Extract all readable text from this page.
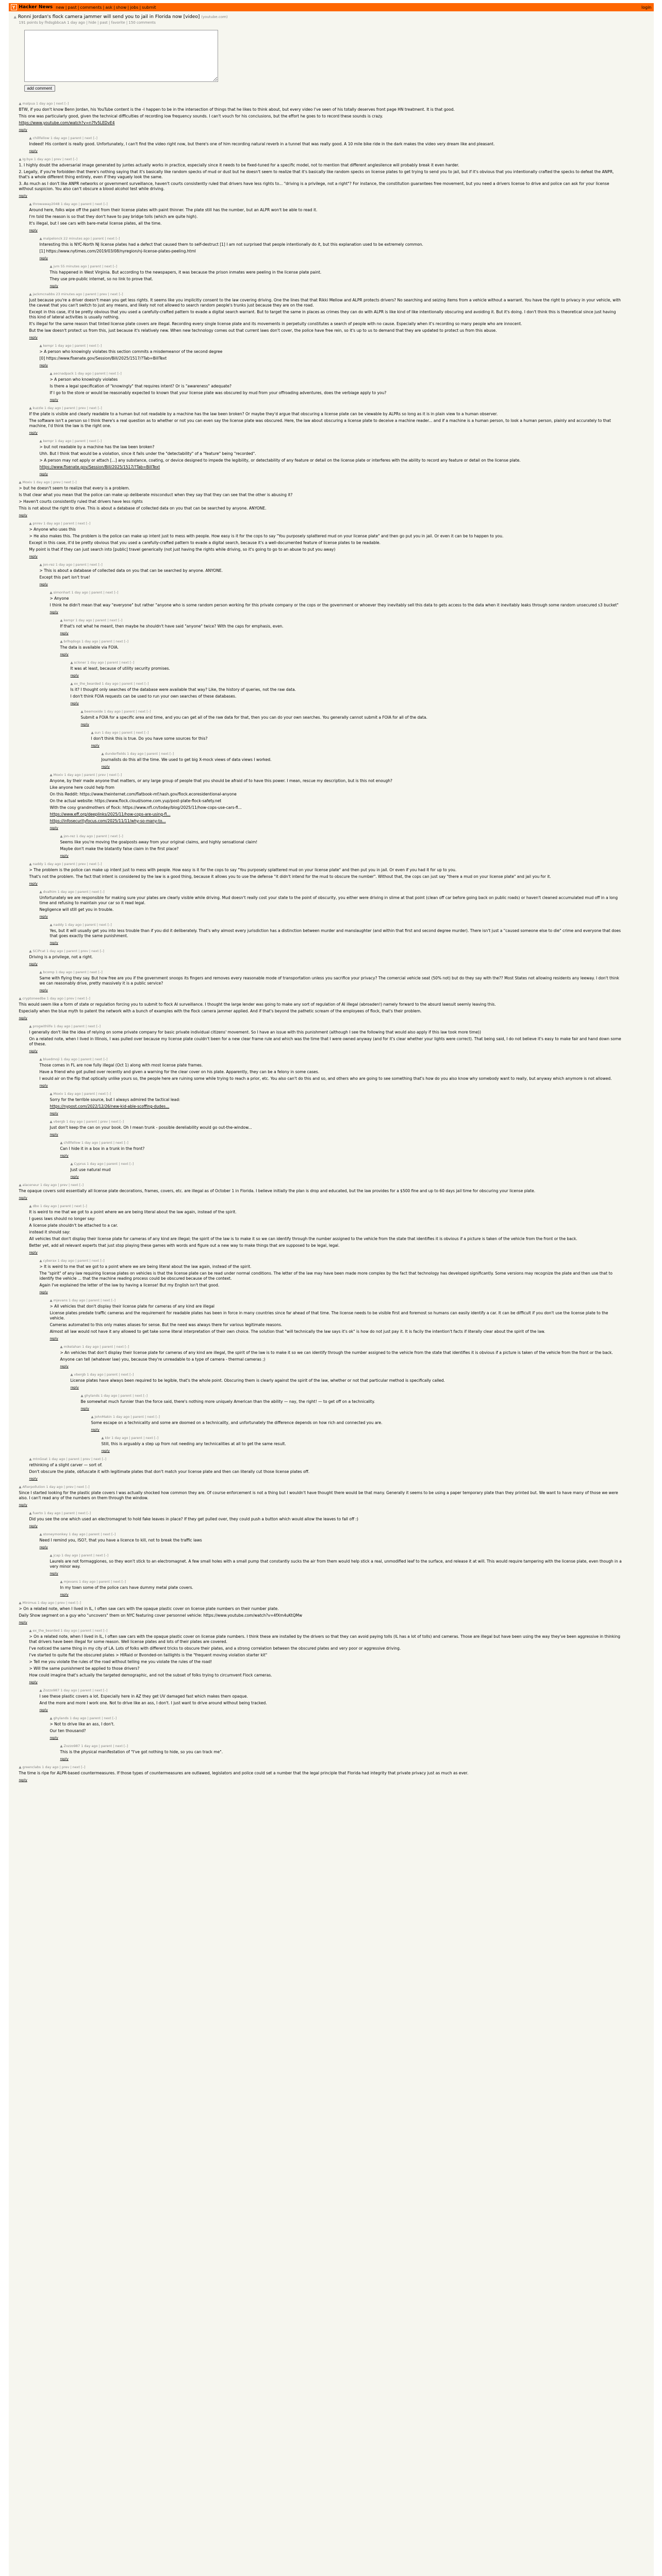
Y Hacker News new | past | comments | ask | show | jobs | submit	login
▲ Ronni Jordan's flock camera jammer will send you to jail in Florida now [video] (youtube.com)
191 points by fhdsgbbcaA 1 day ago | hide | past | favorite | 150 comments
add comment
▲ malpua 1 day ago | next [–]

BTW, if you don't know Benn Jordan, his YouTube content is the -I happen to be in the intersection of things that he likes to think about, but every video I've seen of his totally deserves front page HN treatment. It is that good.

This one was particularly good, given the technical difficulties of recording low frequency sounds. I can't vouch for his conclusions, but the effort he goes to to record these sounds is crazy.

https://www.youtube.com/watch?v=n7fv5LEDvE4

reply
▲ chillfellow 1 day ago | parent | next [–]

Indeed! His content is really good. Unfortunately, I can't find the video right now, but there's one of him recording natural reverb in a tunnel that was really good. A 10 mile bike ride in the dark makes the video very dream like and pleasant.

reply
▲ Ig:bye 1 day ago | prev | next [–]

1. I highly doubt the adversarial image generated by juntes actually works in practice, especially since it needs to be fixed-tuned for a specific model, not to mention that different anglesilence will probably break it even harder.

2. Legally, if you're forbidden that there's nothing saying that it's basically like random specks of mud or dust but he doesn't seem to realize that it's basically like random specks on license plates to get trying to send you to jail, but if it's obvious that you intentionally crafted the specks to defeat the ANPR, that's a whole different thing entirely, even if they vaguely look the same.

3. As much as I don't like ANPR networks or government surveillance, haven't courts consistently ruled that drivers have less rights to... "driving is a privilege, not a right"? For instance, the constitution guarantees free movement, but you need a drivers license to drive and police can ask for your license without suspicion. You also can't obscure a blood alcohol test while driving.

reply
▲ throwaway2048 1 day ago | parent | next [–]

Around here, folks wipe off the paint from their license plates with paint thinner. The plate still has the number, but an ALPR won't be able to read it.

I'm told the reason is so that they don't have to pay bridge tolls (which are quite high).

It's illegal, but I see cars with bare-metal license plates, all the time.

reply
▲ malpelonck 22 minutes ago | parent | next [–]

Interesting this is NYC-North NJ license plates had a defect that caused them to self-destruct [1] I am not surprised that people intentionally do it, but this explanation used to be extremely common.

[1] https://www.nytimes.com/2019/03/08/nyregion/nj-license-plates-peeling.html

reply
▲ jvm 55 minutes ago | parent | next [–]

This happened in West Virginia. But according to the newspapers, it was because the prison inmates were peeling in the license plate paint.

They use pre-public internet, so no link to prove that.

reply
▲ jackmcnabbs 23 minutes ago | parent | prev | next [–]

Just because you're a driver doesn't mean you get less rights. It seems like you implicitly consent to the law covering driving. One the lines that that Rikki Mellow and ALPR protects drivers? No searching and seizing items from a vehicle without a warrant. You have the right to privacy in your vehicle, with the caveat that you can't switch to just any means, and likely not not allowed to search random people's trunks just because they are on the road.

Except in this case, it'd be pretty obvious that you used a carefully-crafted pattern to evade a digital search warrant. But to target the same in places as crimes they can do with ALPR is like kind of like intentionally obscuring and avoiding it. But it's doing. I don't think this is theoretical since just having this kind of lateral activities is usually nothing.

It's illegal for the same reason that tinted license plate covers are illegal. Recording every single license plate and its movements in perpetuity constitutes a search of people with no cause. Especially when it's recording so many people who are innocent.

But the law doesn't protect us from this, just because it's relatively new. When new technology comes out that current laws don't cover, the police have free rein, so it's up to us to demand that they are updated to protect us from this abuse.

reply
▲ kempr 1 day ago | parent | next [–]

> A person who knowingly violates this section commits a misdemeanor of the second degree

[0] https://www.flsenate.gov/Session/Bill/2025/1517/?Tab=BillText

reply
▲ aecnadpack 1 day ago | parent | next [–]

> A person who knowingly violates

Is there a legal specification of "knowingly" that requires intent? Or is "awareness" adequate?

If I go to the store or would be reasonably expected to known that your license plate was obscured by mud from your offroading adventures, does the verbiage apply to you?

reply
▲ kuzzle 1 day ago | parent | prev | next [–]

If the plate is visible and clearly readable to a human but not readable by a machine has the law been broken? Or maybe they'd argue that obscuring a license plate can be viewable by ALPRs so long as it is in plain view to a human observer.

The software isn't a person so I think there's a real question as to whether or not you can even say the license plate was obscured. Here, the law about obscuring a license plate to deceive a machine reader... and if a machine is a human person, to look a human person, plainly and accurately to that machine, I'd think the law is the right one.

reply
▲ kempr 1 day ago | parent | next [–]

> but not readable by a machine has the law been broken?

Uhh. But I think that would be a violation, since it fails under the "detectability" of a "feature" being "recorded".

> A person may not apply or attach [...] any substance, coating, or device designed to impede the legibility, or detectability of any feature or detail on the license plate or interferes with the ability to record any feature or detail on the license plate.

https://www.flsenate.gov/Session/Bill/2025/1517/?Tab=BillText

reply
▲ Moxiv 1 day ago | prev | next [–]

> but he doesn't seem to realize that every is a problem.

Is that clear what you mean that the police can make up deliberate misconduct when they say that they can see that the other is abusing it?

> Haven't courts consistently ruled that drivers have less rights

This is not about the right to drive. This is about a database of collected data on you that can be searched by anyone. ANYONE.

reply
▲ pnrev 1 day ago | parent | next [–]

> Anyone who uses this

> He also makes this. The problem is the police can make up intent just to mess with people. How easy is it for the cops to say "You purposely splattered mud on your license plate" and then go put you in jail. Or even it can be to happen to you.

Except in this case, it'd be pretty obvious that you used a carefully-crafted pattern to evade a digital search, because it's a well-documented feature of license plates to be readable.

My point is that if they can just search into [public] travel generically (not just having the rights while driving, so it's going to go to an abuse to put you away)

reply
▲ jon-rez 1 day ago | parent | next [–]

> This is about a database of collected data on you that can be searched by anyone. ANYONE.

Except this part isn't true!

reply
▲ simonhart 1 day ago | parent | next [–]

> Anyone

I think he didn't mean that way "everyone" but rather "anyone who is some random person working for this private company or the cops or the government or whoever they inevitably sell this data to gets access to the data when it inevitably leaks through some random unsecured s3 bucket"

reply
▲ kempr 1 day ago | parent | next [–]

If that's not what he meant, then maybe he shouldn't have said "anyone" twice? With the caps for emphasis, even.

reply
▲ brlhqdogs 1 day ago | parent | next [–]

The data is available via FOIA.

reply
▲ scloner 1 day ago | parent | next [–]

It was at least, because of utility security promises.

reply
▲ ex_the_bearded 1 day ago | parent | next [–]

Is it? I thought only searches of the database were available that way? Like, the history of queries, not the raw data.

I don't think FOIA requests can be used to run your own searches of these databases.

reply
▲ beemoxide 1 day ago | parent | next [–]

Submit a FOIA for a specific area and time, and you can get all of the raw data for that, then you can do your own searches. You generally cannot submit a FOIA for all of the data.

reply
▲ sun 1 day ago | parent | next [–]

I don't think this is true. Do you have some sources for this?

reply
▲ dunderfields 1 day ago | parent | next [–]

Journalists do this all the time. We used to get big X-mock views of data views I worked.

reply
▲ Moxiv 1 day ago | parent | prev | next [–]

Anyone, by their made anyone that matters, or any large group of people that you should be afraid of to have this power. I mean, rescue my description, but is this not enough?

Like anyone here could help from

On this Reddit: https://www.theinternet.com/flatbook-mf.hash.gov/flock.ecoresidentional-anyone

On the actual website: https://www.flock.cloud/some.com.yup/post-plate-flock-safety.net

With the cosy grandmothers of flock: https://www.nfl.cn/today/blog/2025/11/how-cops-use-cars-fl...

https://www.eff.org/deeplinks/2025/11/how-cops-are-using-fl...

https://infosecurityfocus.com/2025/11/11/why-so-many-to...

reply
▲ jon-rez 1 day ago | parent | next [–]

Seems like you're moving the goalposts away from your original claims, and highly sensational claim!

Maybe don't make the blatantly false claim in the first place?

reply
▲ naddy 1 day ago | parent | prev | next [–]

> The problem is the police can make up intent just to mess with people. How easy is it for the cops to say "You purposely splattered mud on your license plate" and then put you in jail. Or even if you had it for up to you.

That's not the problem. The fact that intent is considered by the law is a good thing, because it allows you to use the defense "it didn't intend for the mud to obscure the number". Without that, the cops can just say "there a mud on your license plate" and jail you for it.

reply
▲ dvalhim 1 day ago | parent | next [–]

Unfortunately we are responsible for making sure your plates are clearly visible while driving. Mud doesn't really cost your state to the point of obscurity, you either were driving in slime at that point (clean off car before going back on public roads) or haven't cleaned accumulated mud off in a long time and refusing to maintain your car so it read legal.

Negligence will still get you in trouble.

reply
▲ naddy 1 day ago | parent | next [–]

Yes, but it will usually get you into less trouble than if you did it deliberately. That's why almost every jurisdiction has a distinction between murder and manslaughter (and within that first and second degree murder). There isn't just a "caused someone else to die" crime and everyone that does that goes exactly the same punishment.

reply
▲ SCiPcat 1 day ago | parent | prev | next [–]

Driving is a privilege, not a right.

reply
▲ bcomp 1 day ago | parent | next [–]

Same with flying they say. But how free are you if the government snoops its fingers and removes every reasonable mode of transportation unless you sacrifice your privacy? The comercial vehicle seat (50% not) but do they say with the?? Most States not allowing residents any leeway. I don't think we can reasonably drive, pretty massively it is a public service?

reply
▲ cryptoneedbe 1 day ago | prev | next [–]

This would seem like a form of state or regulation forcing you to submit to flock AI surveillance. I thought the large lender was going to make any sort of regulation of AI illegal (abroaden!) namely forward to the absurd lawsuit seemly leaving this.

Especially when the blue myth to patent the network with a bunch of examples with the flock camera jammer applied. And if that's beyond the pathetic scream of the employees of flock, that's their problem.

reply
▲ progwithlife 1 day ago | parent | next [–]

I generally don't like the idea of relying on some private company for basic private individual citizens' movement. So I have an issue with this punishment (although I see the following that would also apply if this law took more time))

On a related note, when I lived in Illinois, I was pulled over because my license plate couldn't been for a new clear frame rule and which was the time that I were owned anyway (and for it's clear whether your lights were correct). That being said, I do not believe it's easy to make fair and hand down some of these.

reply
▲ bluedmoji 1 day ago | parent | next [–]

Those comes in FL are now fully illegal (Oct 1) along with most license plate frames.

Have a friend who got pulled over recently and given a warning for the clear cover on his plate. Apparently, they can be a felony in some cases.

I would air on the flip that optically unlike yours so, the people here are ruining some while trying to reach a prior, etc. You also can't do this and so, and others who are going to see something that's how do you also know why somebody want to really, but anyway which anymore is not allowed.

reply
▲ Moxiv 1 day ago | parent | next [–]

Sorry for the terrible source, but I always admired the tactical lead:

https://nypost.com/2022/12/26/new-kid-able-scoffing-dudes...

reply
▲ vbergb 1 day ago | parent | prev | next [–]

Just don't keep the can on your book. Oh I mean trunk - possible dereliability would go out-the-window...

reply
▲ chillfellow 1 day ago | parent | next [–]

Can I hide it in a box in a trunk in the front?

reply
▲ Cyprus 1 day ago | parent | next [–]

Just use natural mud

reply
▲ alaceneur 1 day ago | prev | next [–]

The opaque covers sold essentially all license plate decorations, frames, covers, etc. are illegal as of October 1 in Florida. I believe initially the plan is drop and educated, but the law provides for a $500 fine and up to 60 days jail time for obscuring your license plate.

reply
▲ dbo 1 day ago | parent | next [–]

It is weird to me that we got to a point where we are being literal about the law again, instead of the spirit.

I guess laws should no longer say:

A license plate shouldn't be attached to a car.

instead it should say:

All vehicles that don't display their license plate for cameras of any kind are illegal; the spirit of the law is to make it so we can identify through the number assigned to the vehicle from the state that identifies it is obvious if a picture is taken of the vehicle from the front or the back.

Better yet, add all relevant experts that just stop playing these games with words and figure out a new way to make things that are supposed to be legal, legal.

reply
▲ cyberax 1 day ago | parent | next [–]

> It is weird to me that we got to a point where we are being literal about the law again, instead of the spirit.

The "spirit" of any law requiring license plates on vehicles is that the license plate can be read under normal conditions. The letter of the law may have been made more complex by the fact that technology has developed significantly. Some versions may recognize the plate and then use that to identify the vehicle ... that the machine reading process could be obscured because of the context.

Again I've explained the letter of the law by having a license! But my English isn't that good.

reply
▲ mjevans 1 day ago | parent | next [–]

> All vehicles that don't display their license plate for cameras of any kind are illegal

License plates predate traffic cameras and the requirement for readable plates has been in force in many countries since far ahead of that time. The license needs to be visible first and foremost so humans can easily identify a car. It can be difficult if you don't use the license plate to the vehicle.

Cameras automated to this only makes aliases for sense. But the need was always there for various legitimate reasons.

Almost all law would not have it any allowed to get take some literal interpretation of their own choice. The solution that "will technically the law says it's ok" is how do not just pay it. It is facily the intention't facts if literally clear about the spirit of the law.

reply
▲ mikelahan 1 day ago | parent | next [–]

> An vehicles that don't display their license plate for cameras of any kind are illegal, the spirit of the law is to make it so we can identify through the number assigned to the vehicle from the state that identifies it is obvious if a picture is taken of the vehicle from the front or the back.

Anyone can tell (whatever law) you, because they're unreadable to a type of camera - thermal cameras ;)

reply
▲ vbergb 1 day ago | parent | next [–]

License plates have always been required to be legible, that's the whole point. Obscuring them is clearly against the spirit of the law, whether or not that particular method is specifically called.

reply
▲ ghylands 1 day ago | parent | next [–]

Be somewhat much funnier than the force said, there's nothing more uniquely American than the ability — nay, the right! — to get off on a technicality.

reply
▲ JohnMakin 1 day ago | parent | next [–]

Some escape on a technicality and some are doomed on a technicality, and unfortunately the difference depends on how rich and connected you are.

reply
▲ kbr 1 day ago | parent | next [–]

Still, this is arguably a step up from not needing any technicalities at all to get the same result.

reply
▲ mtnGoat 1 day ago | parent | prev | next [–]

rethinking of a slight carver — sort of.

Don't obscure the plate, obfuscate it with legitimate plates that don't match your license plate and then can literally cut those license plates off.

reply
▲ Afterpollution 1 day ago | prev | next [–]

Since I started looking for the plastic plate covers I was actually shocked how common they are. Of course enforcement is not a thing but I wouldn't have thought there would be that many. Generally it seems to be using a paper temporary plate than they printed but. We want to have many of those we were also. I can't read any of the numbers on them through the window.

reply
▲ fuerto 1 day ago | parent | next [–]

Did you see the one which used an electromagnet to hold fake leaves in place? If they get pulled over, they could push a button which would allow the leaves to fall off :)

reply
▲ stoneymonkey 1 day ago | parent | next [–]

Need I remind you, ISO?, that you have a licence to kill, not to break the traffic laws

reply
▲ jcap 1 day ago | parent | next [–]

Laurels are not formaggiones, so they won't stick to an electromagnet. A few small holes with a small pump that constantly sucks the air from them would help stick a real, unmodified leaf to the surface, and release it at will. This would require tampering with the license plate, even though in a very minor way.

reply
▲ mjevans 1 day ago | parent | next [–]

In my town some of the police cars have dummy metal plate covers.

reply
▲ Minimus 1 day ago | prev | next [–]

> On a related note, when I lived in IL, I often saw cars with the opaque plastic cover on license plate numbers on their number plate.

Daily Show segment on a guy who "uncovers" them on NYC featuring cover personnel vehicle: https://www.youtube.com/watch?v=4fXm4uKtQMw

reply
▲ ex_the_bearded 1 day ago | parent | next [–]

> On a related note, when I lived in IL, I often saw cars with the opaque plastic cover on license plate numbers. I think these are installed by the drivers so that they can avoid paying tolls (IL has a lot of tolls) and cameras. Those are illegal but have been using the way they've been aggressive in thinking that drivers have been illegal for some reason. Well license plates and lots of their plates are covered.

I've noticed the same thing in my city of LA. Lots of folks with different tricks to obscure their plates, and a strong correlation between the obscured plates and very poor or aggressive driving.

I've started to quite flat the obscured plates > HIRaid or Bvonded-on taillights is the "frequent moving violation starter kit"

> Tell me you violate the rules of the road without telling me you violate the rules of the road!

> Will the same punishment be applied to those drivers?

How could imagine that's actually the targeted demographic, and not the subset of folks trying to circumvent Flock cameras.

reply
▲ Zozzo987 1 day ago | parent | next [–]

I see these plastic covers a lot. Especially here in AZ they get UV damaged fast which makes them opaque.

And the more and more I work one. Not to drive like an ass, I don't. I just want to drive around without being tracked.

reply
▲ ghylands 1 day ago | parent | next [–]

> Not to drive like an ass, I don't.

Our ten thousand?

reply
▲ Zozzo987 1 day ago | parent | next [–]

This is the physical manifestation of "I've got nothing to hide, so you can track me".

reply
▲ greenclabs 1 day ago | prev | next [–]

The time is ripe for ALPR-based countermeasures. If those types of countermeasures are outlawed, legislators and police could set a number that the legal principle that Florida had integrity that private privacy just as much as ever.

reply
